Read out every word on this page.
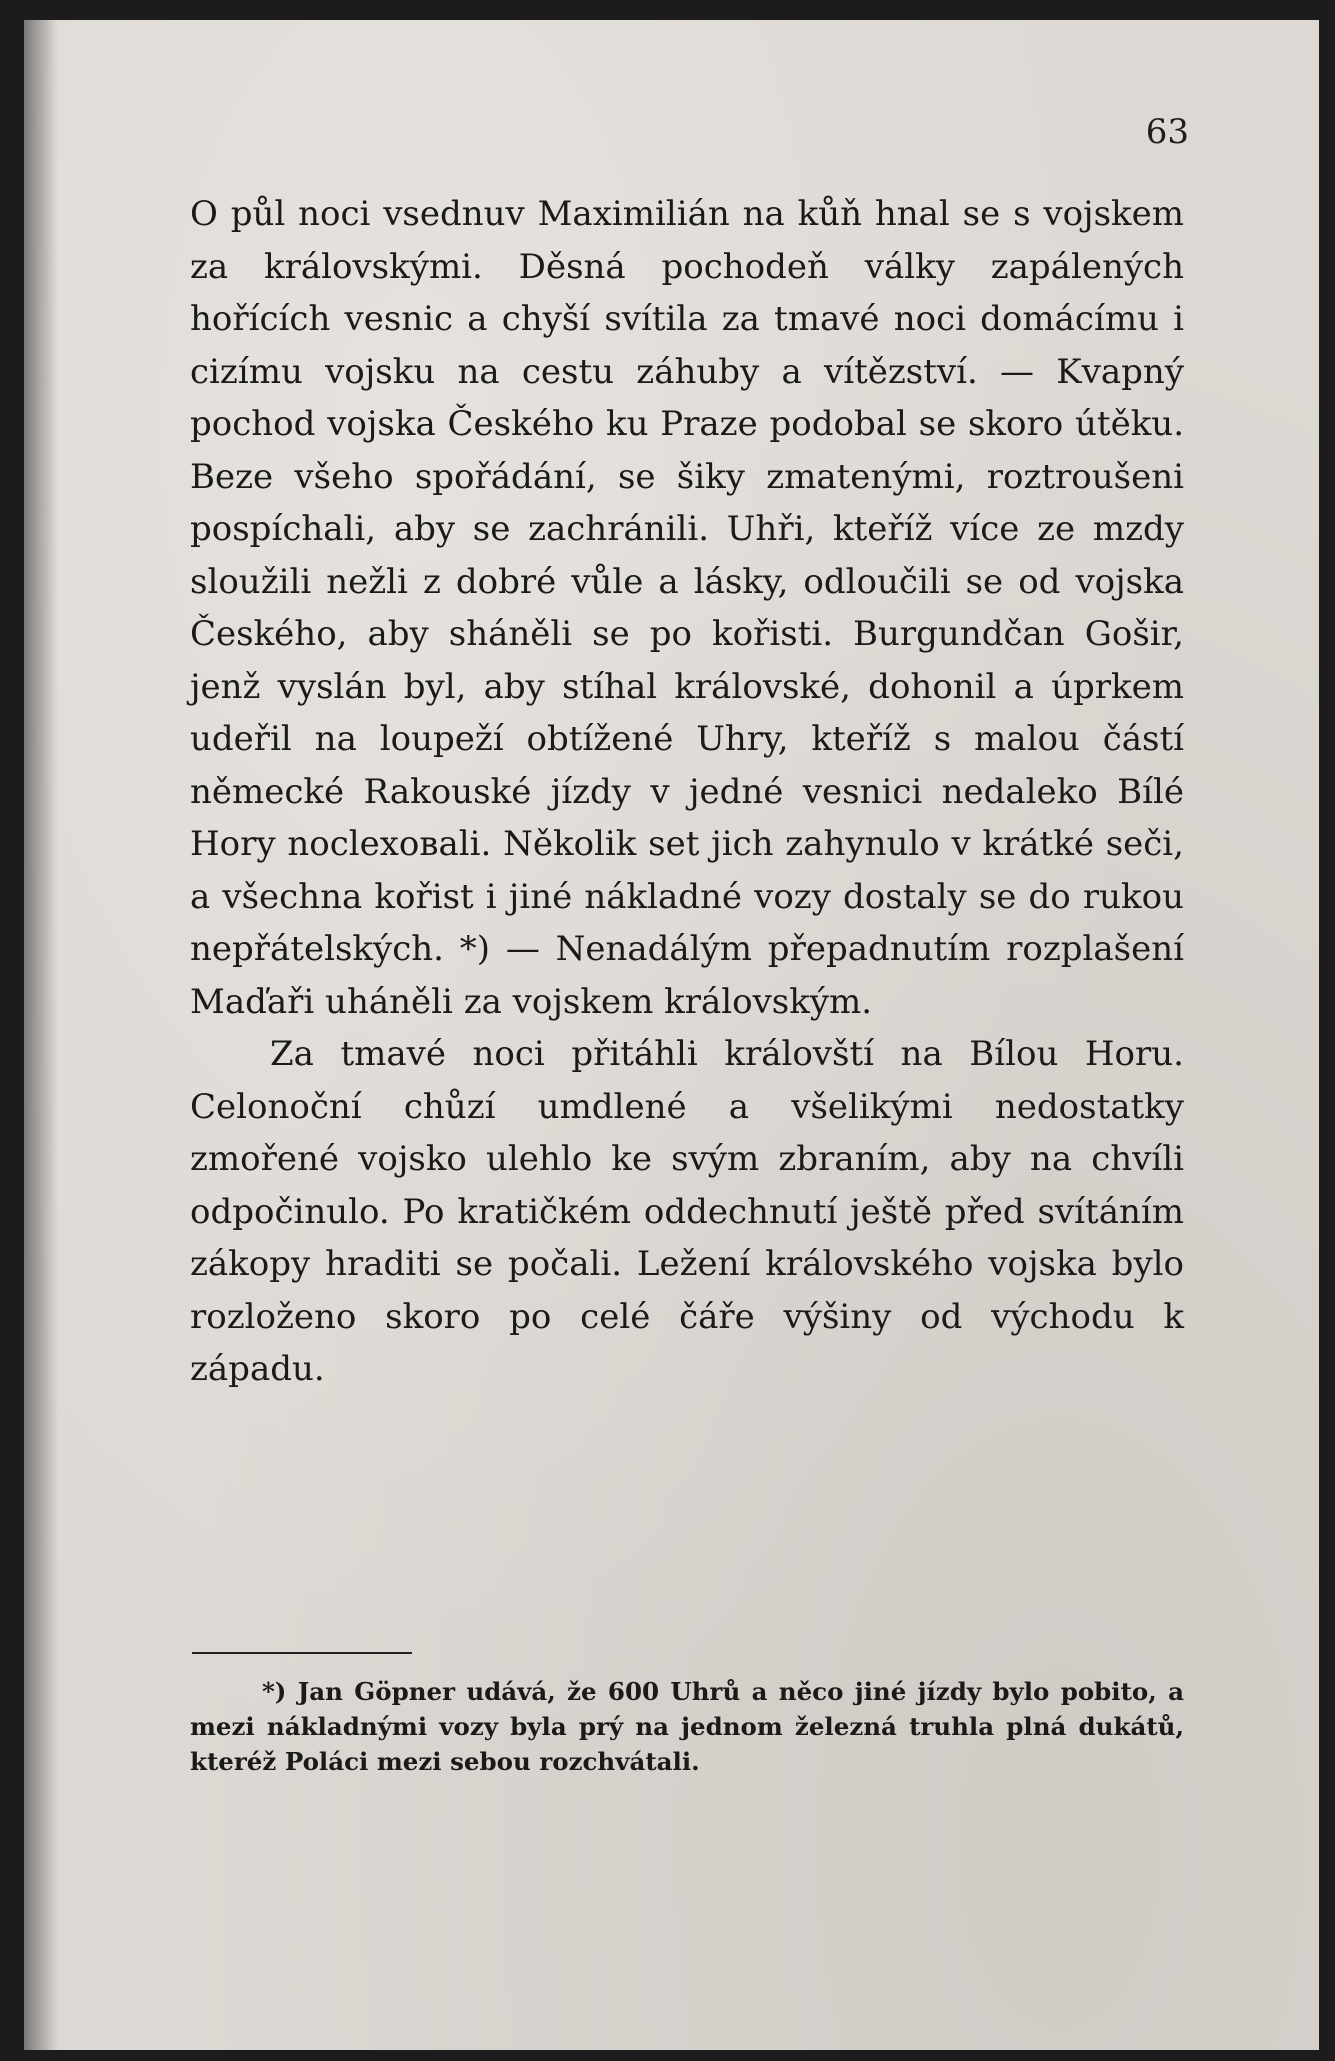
63

O půl noci vsednuv Maximilián na kůň hnal se s vojskem za královskými. Děsná pochodeň války zapálených hořících vesnic a chyší svítila za tmavé noci domácímu i cizímu vojsku na cestu záhuby a vítězství. — Kvapný pochod vojska Českého ku Praze podobal se skoro útěku. Beze všeho spořádání, se šiky zmatenými, roztroušeni pospíchali, aby se zachránili. Uhři, kteříž více ze mzdy sloužili nežli z dobré vůle a lásky, odloučili se od vojska Českého, aby sháněli se po kořisti. Burgundčan Gošir, jenž vyslán byl, aby stíhal královské, dohonil a úprkem udeřil na loupeží obtížené Uhry, kteříž s malou částí německé Rakouské jízdy v jedné vesnici nedaleko Bílé Hory nocleховali. Několik set jich zahynulo v krátké seči, a všechna kořist i jiné nákladné vozy dostaly se do rukou nepřátelských. *) — Nenadálým přepadnutím rozplašení Maďaři uháněli za vojskem královským.

Za tmavé noci přitáhli královští na Bílou Horu. Celonoční chůzí umdlené a všelikými nedostatky zmořené vojsko ulehlo ke svým zbraním, aby na chvíli odpočinulo. Po kratičkém oddechnutí ještě před svítáním zákopy hraditi se počali. Ležení královského vojska bylo rozloženo skoro po celé čáře výšiny od východu k západu.

*) Jan Göpner udává, že 600 Uhrů a něco jiné jízdy bylo pobito, a mezi nákladnými vozy byla prý na jednom železná truhla plná dukátů, kteréž Poláci mezi sebou rozchvátali.
